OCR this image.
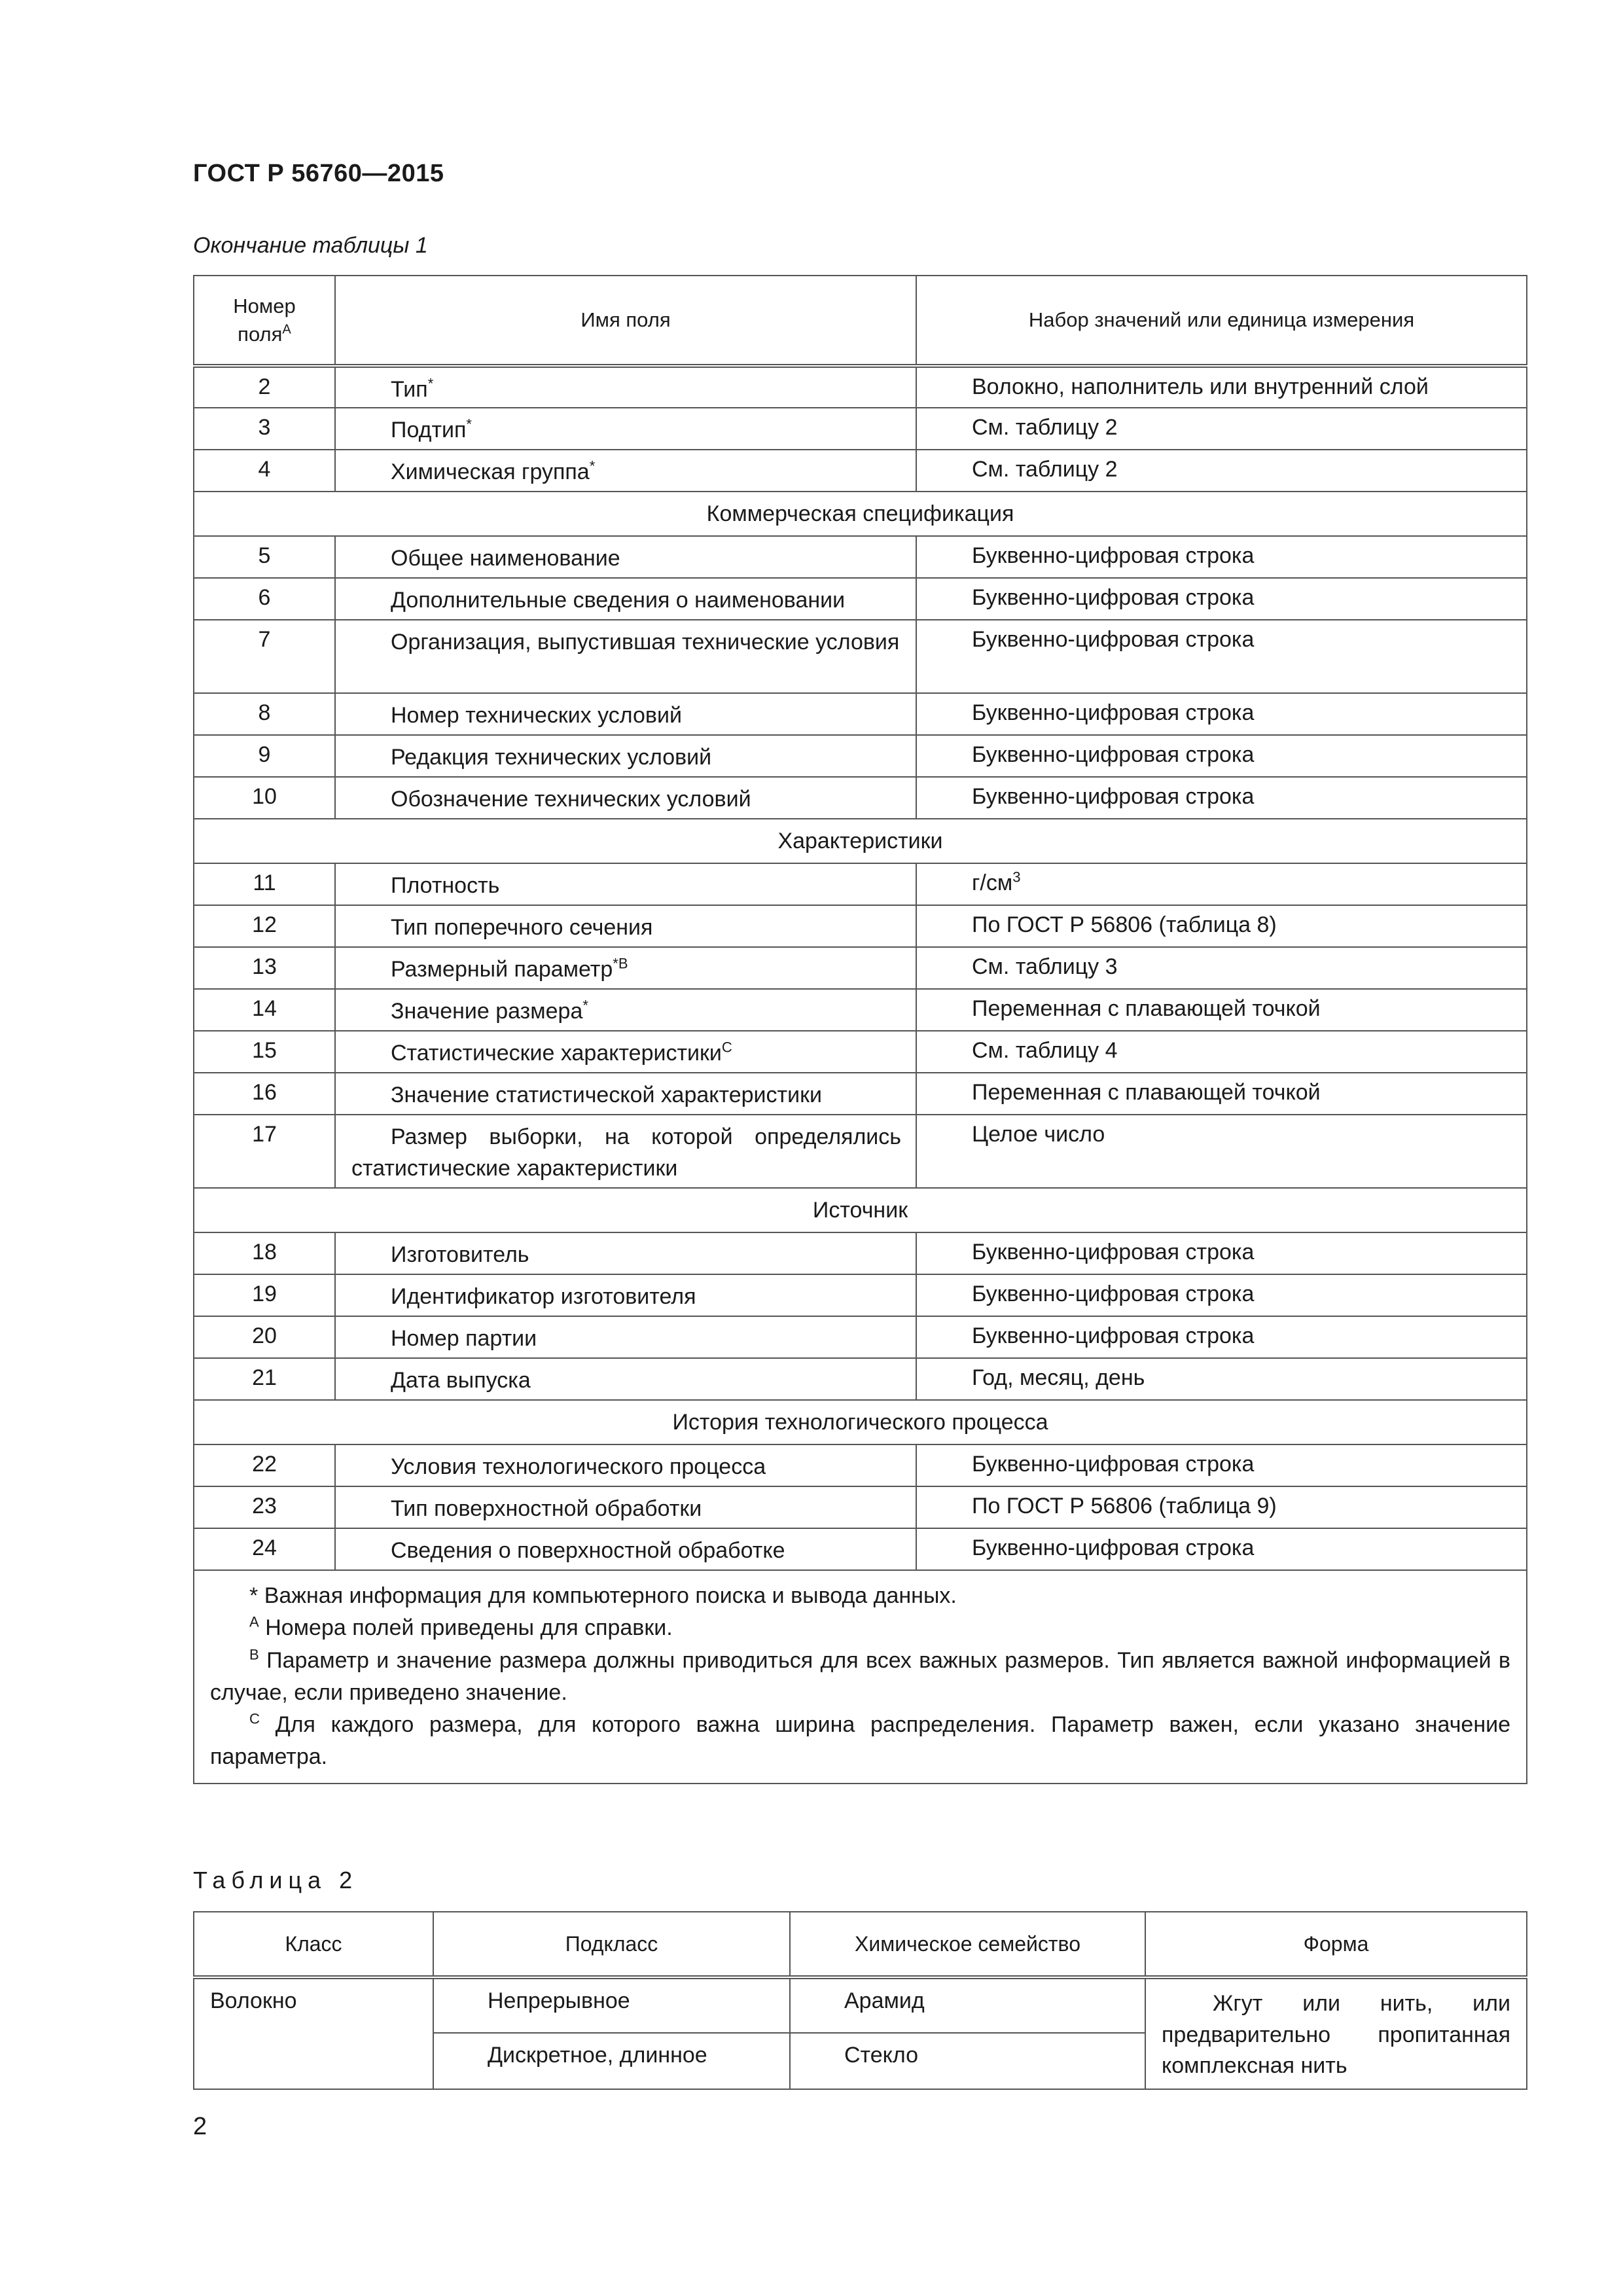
ГОСТ Р 56760—2015
Окончание таблицы 1
Номер
поля$^A$	Имя поля	Набор значений или единица измерения
2	Тип*	Волокно, наполнитель или внутренний слой
3	Подтип*	См. таблицу 2
4	Химическая группа*	См. таблицу 2
Коммерческая спецификация		
5	Общее наименование	Буквенно-цифровая строка
6	Дополнительные сведения о наименовании	Буквенно-цифровая строка
7	Организация, выпустившая технические условия	Буквенно-цифровая строка
8	Номер технических условий	Буквенно-цифровая строка
9	Редакция технических условий	Буквенно-цифровая строка
10	Обозначение технических условий	Буквенно-цифровая строка
Характеристики		
11	Плотность	$г/см^3$
12	Тип поперечного сечения	По ГОСТ Р 56806 (таблица 8)
13	Размерный параметр$^{*B}$	См. таблицу 3
14	Значение размера*	Переменная с плавающей точкой
15	Статистические характеристики$^C$	См. таблицу 4
16	Значение статистической характеристики	Переменная с плавающей точкой
17	Размер выборки, на которой определялись статистические характеристики	Целое число
Источник		
18	Изготовитель	Буквенно-цифровая строка
19	Идентификатор изготовителя	Буквенно-цифровая строка
20	Номер партии	Буквенно-цифровая строка
21	Дата выпуска	Год, месяц, день
История технологического процесса		
22	Условия технологического процесса	Буквенно-цифровая строка
23	Тип поверхностной обработки	По ГОСТ Р 56806 (таблица 9)
24	Сведения о поверхностной обработке	Буквенно-цифровая строка

* Важная информация для компьютерного поиска и вывода данных.

$^A$ Номера полей приведены для справки.

$^B$ Параметр и значение размера должны приводиться для всех важных размеров. Тип является важной информацией в случае, если приведено значение.

$^C$ Для каждого размера, для которого важна ширина распределения. Параметр важен, если указано значение параметра.		

Таблица 2
Класс	Подкласс	Химическое семейство	Форма
Волокно	Непрерывное	Арамид	Жгут или нить, или предварительно пропитанная комплексная нить
	Дискретное, длинное	Стекло	
2
